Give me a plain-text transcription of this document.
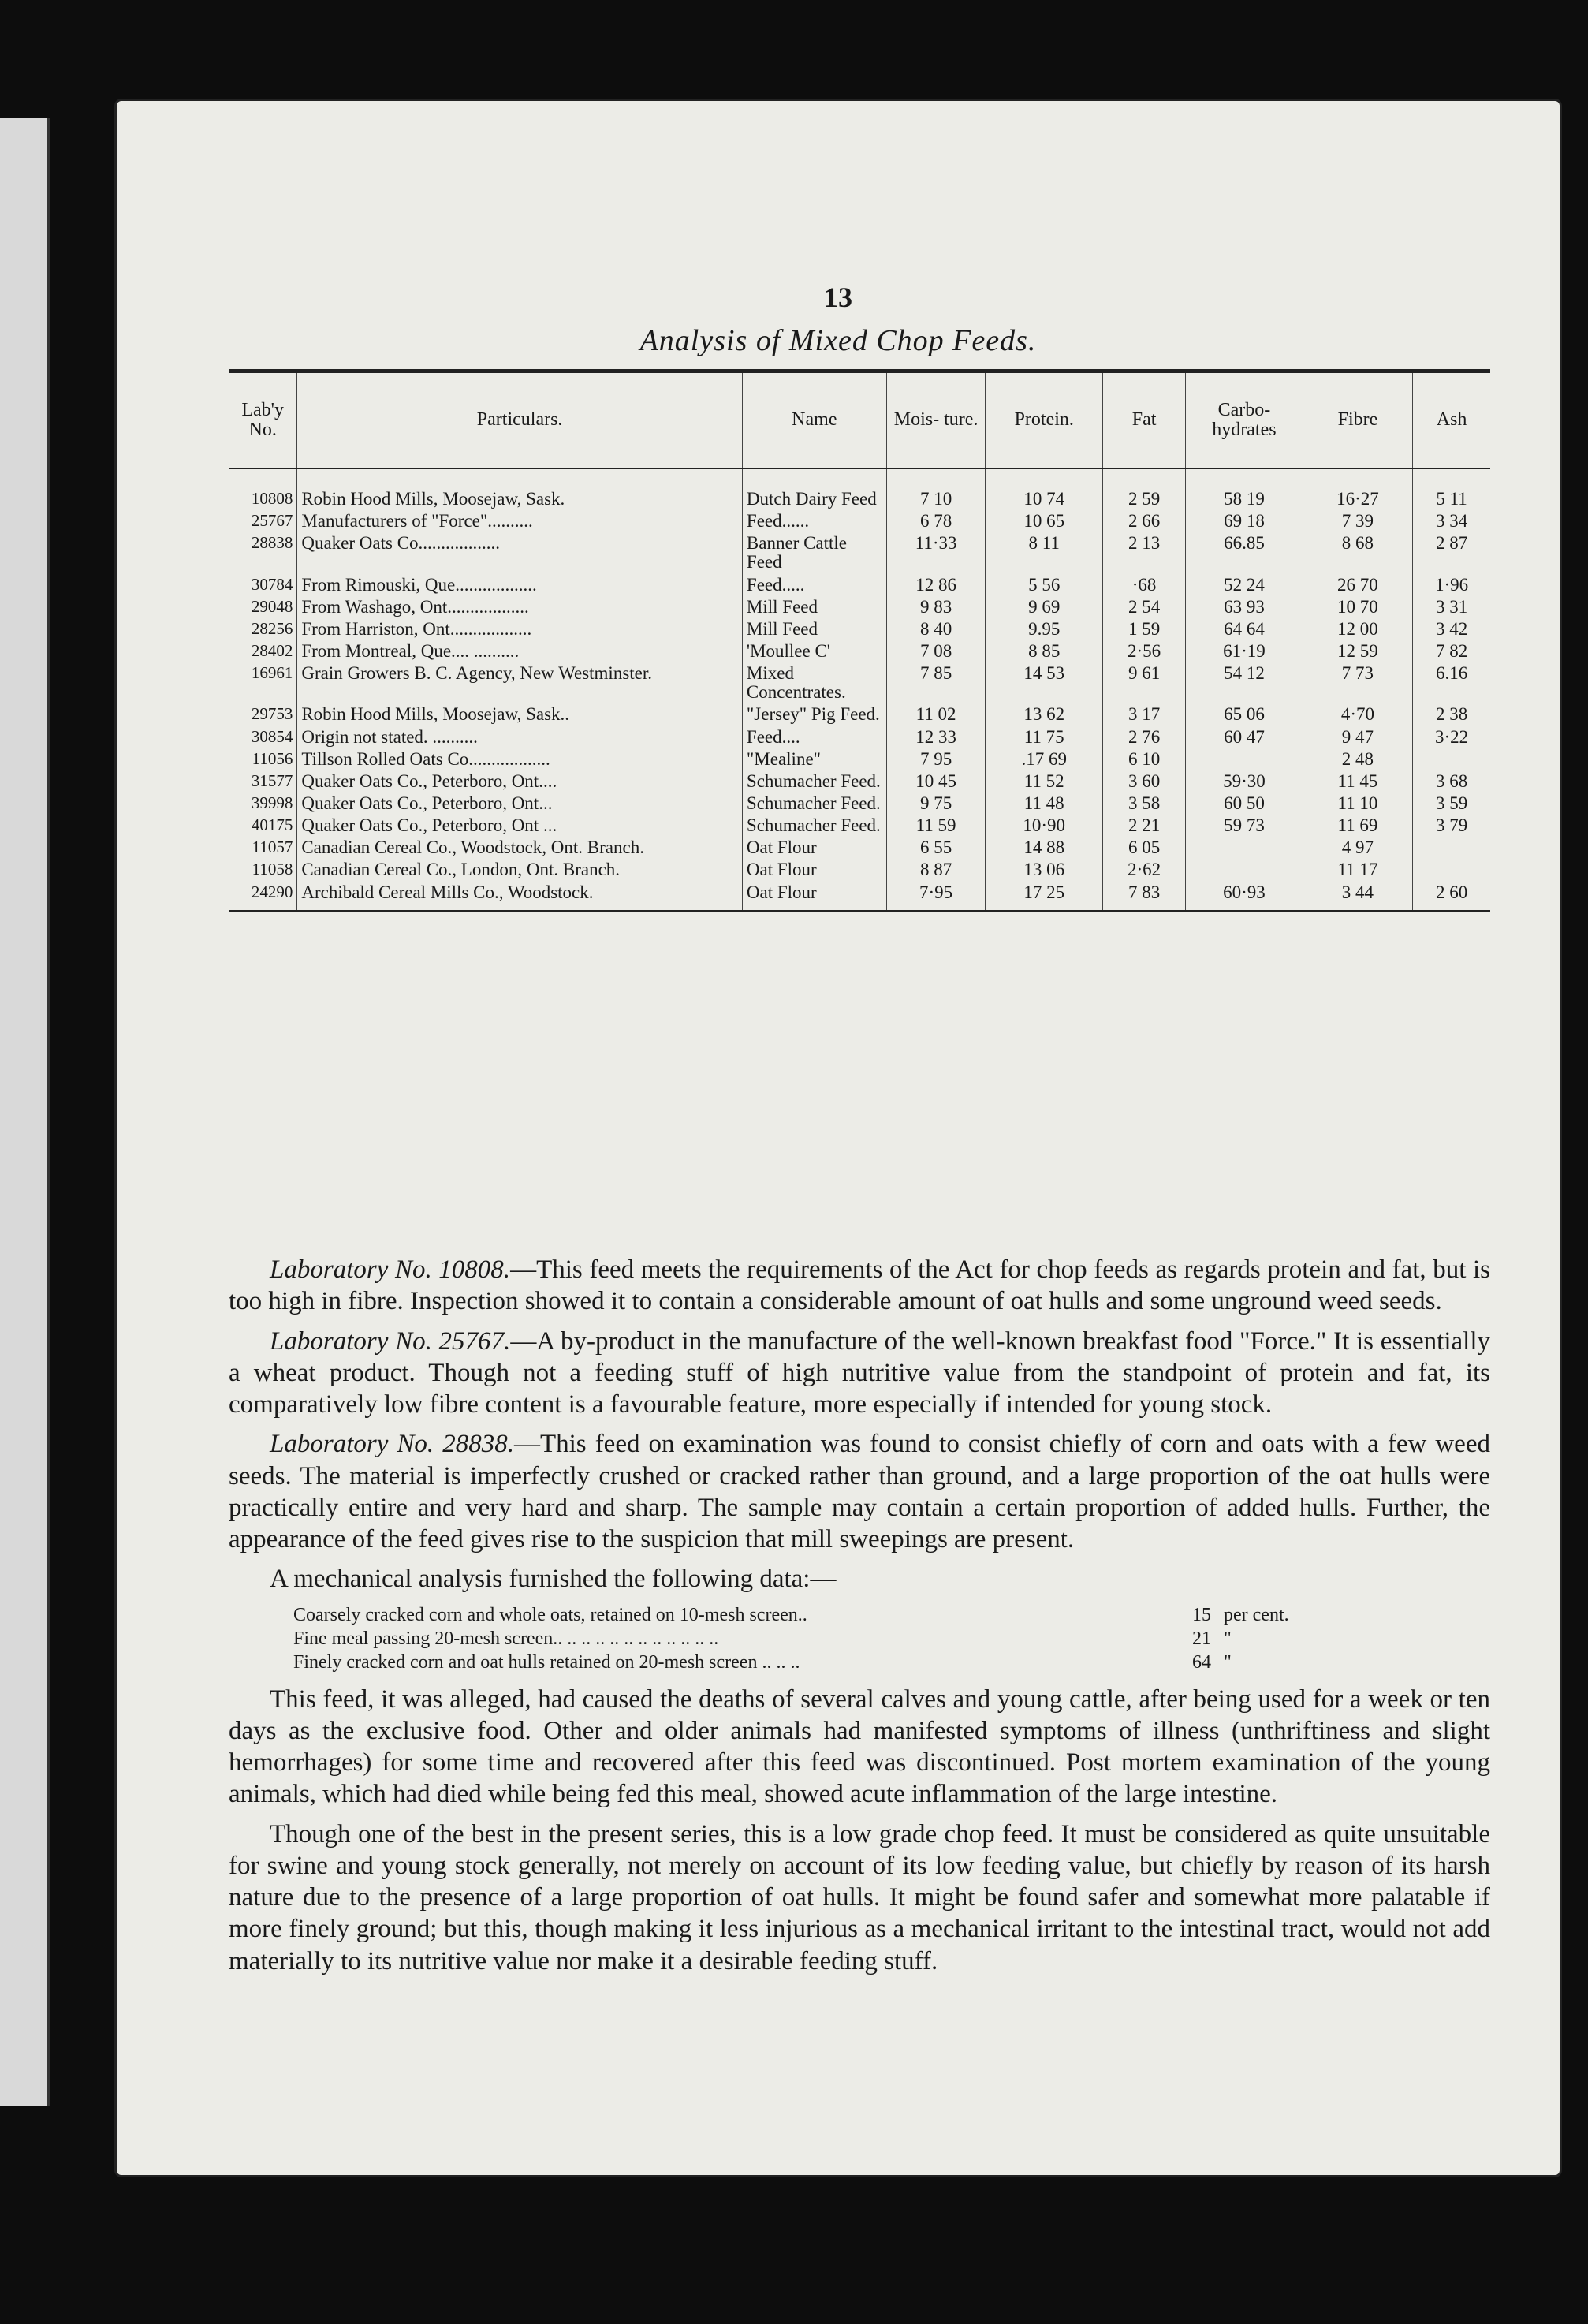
13
Analysis of Mixed Chop Feeds.
Lab'y No.	Particulars.	Name	Mois- ture.	Protein.	Fat	Carbo- hydrates	Fibre	Ash
10808	Robin Hood Mills, Moosejaw, Sask.	Dutch Dairy Feed	7 10	10 74	2 59	58 19	16·27	5 11
25767	Manufacturers of "Force"..........	Feed......	6 78	10 65	2 66	69 18	7 39	3 34
28838	Quaker Oats Co..................	Banner Cattle Feed	11·33	8 11	2 13	66.85	8 68	2 87
30784	From Rimouski, Que..................	Feed.....	12 86	5 56	·68	52 24	26 70	1·96
29048	From Washago, Ont..................	Mill Feed	9 83	9 69	2 54	63 93	10 70	3 31
28256	From Harriston, Ont..................	Mill Feed	8 40	9.95	1 59	64 64	12 00	3 42
28402	From Montreal, Que.... ..........	'Moullee C'	7 08	8 85	2·56	61·19	12 59	7 82
16961	Grain Growers B. C. Agency, New Westminster.	Mixed Concentrates.	7 85	14 53	9 61	54 12	7 73	6.16
29753	Robin Hood Mills, Moosejaw, Sask..	"Jersey" Pig Feed.	11 02	13 62	3 17	65 06	4·70	2 38
30854	Origin not stated. ..........	Feed....	12 33	11 75	2 76	60 47	9 47	3·22
11056	Tillson Rolled Oats Co..................	"Mealine"	7 95	.17 69	6 10		2 48	
31577	Quaker Oats Co., Peterboro, Ont....	Schumacher Feed.	10 45	11 52	3 60	59·30	11 45	3 68
39998	Quaker Oats Co., Peterboro, Ont...	Schumacher Feed.	9 75	11 48	3 58	60 50	11 10	3 59
40175	Quaker Oats Co., Peterboro, Ont ...	Schumacher Feed.	11 59	10·90	2 21	59 73	11 69	3 79
11057	Canadian Cereal Co., Woodstock, Ont. Branch.	Oat Flour	6 55	14 88	6 05		4 97	
11058	Canadian Cereal Co., London, Ont. Branch.	Oat Flour	8 87	13 06	2·62		11 17	
24290	Archibald Cereal Mills Co., Woodstock.	Oat Flour	7·95	17 25	7 83	60·93	3 44	2 60

Laboratory No. 10808.—This feed meets the requirements of the Act for chop feeds as regards protein and fat, but is too high in fibre. Inspection showed it to contain a considerable amount of oat hulls and some unground weed seeds.

Laboratory No. 25767.—A by-product in the manufacture of the well-known breakfast food "Force." It is essentially a wheat product. Though not a feeding stuff of high nutritive value from the standpoint of protein and fat, its comparatively low fibre content is a favourable feature, more especially if intended for young stock.

Laboratory No. 28838.—This feed on examination was found to consist chiefly of corn and oats with a few weed seeds. The material is imperfectly crushed or cracked rather than ground, and a large proportion of the oat hulls were practically entire and very hard and sharp. The sample may contain a certain proportion of added hulls. Further, the appearance of the feed gives rise to the suspicion that mill sweepings are present.

A mechanical analysis furnished the following data:—

Coarsely cracked corn and whole oats, retained on 10-mesh screen..	15 per cent.
Fine meal passing 20-mesh screen.. .. .. .. .. .. .. .. .. .. .. ..	21 "
Finely cracked corn and oat hulls retained on 20-mesh screen .. .. ..	64 "

This feed, it was alleged, had caused the deaths of several calves and young cattle, after being used for a week or ten days as the exclusive food. Other and older animals had manifested symptoms of illness (unthriftiness and slight hemorrhages) for some time and recovered after this feed was discontinued. Post mortem examination of the young animals, which had died while being fed this meal, showed acute inflammation of the large intestine.

Though one of the best in the present series, this is a low grade chop feed. It must be considered as quite unsuitable for swine and young stock generally, not merely on account of its low feeding value, but chiefly by reason of its harsh nature due to the presence of a large proportion of oat hulls. It might be found safer and somewhat more palatable if more finely ground; but this, though making it less injurious as a mechanical irritant to the intestinal tract, would not add materially to its nutritive value nor make it a desirable feeding stuff.
